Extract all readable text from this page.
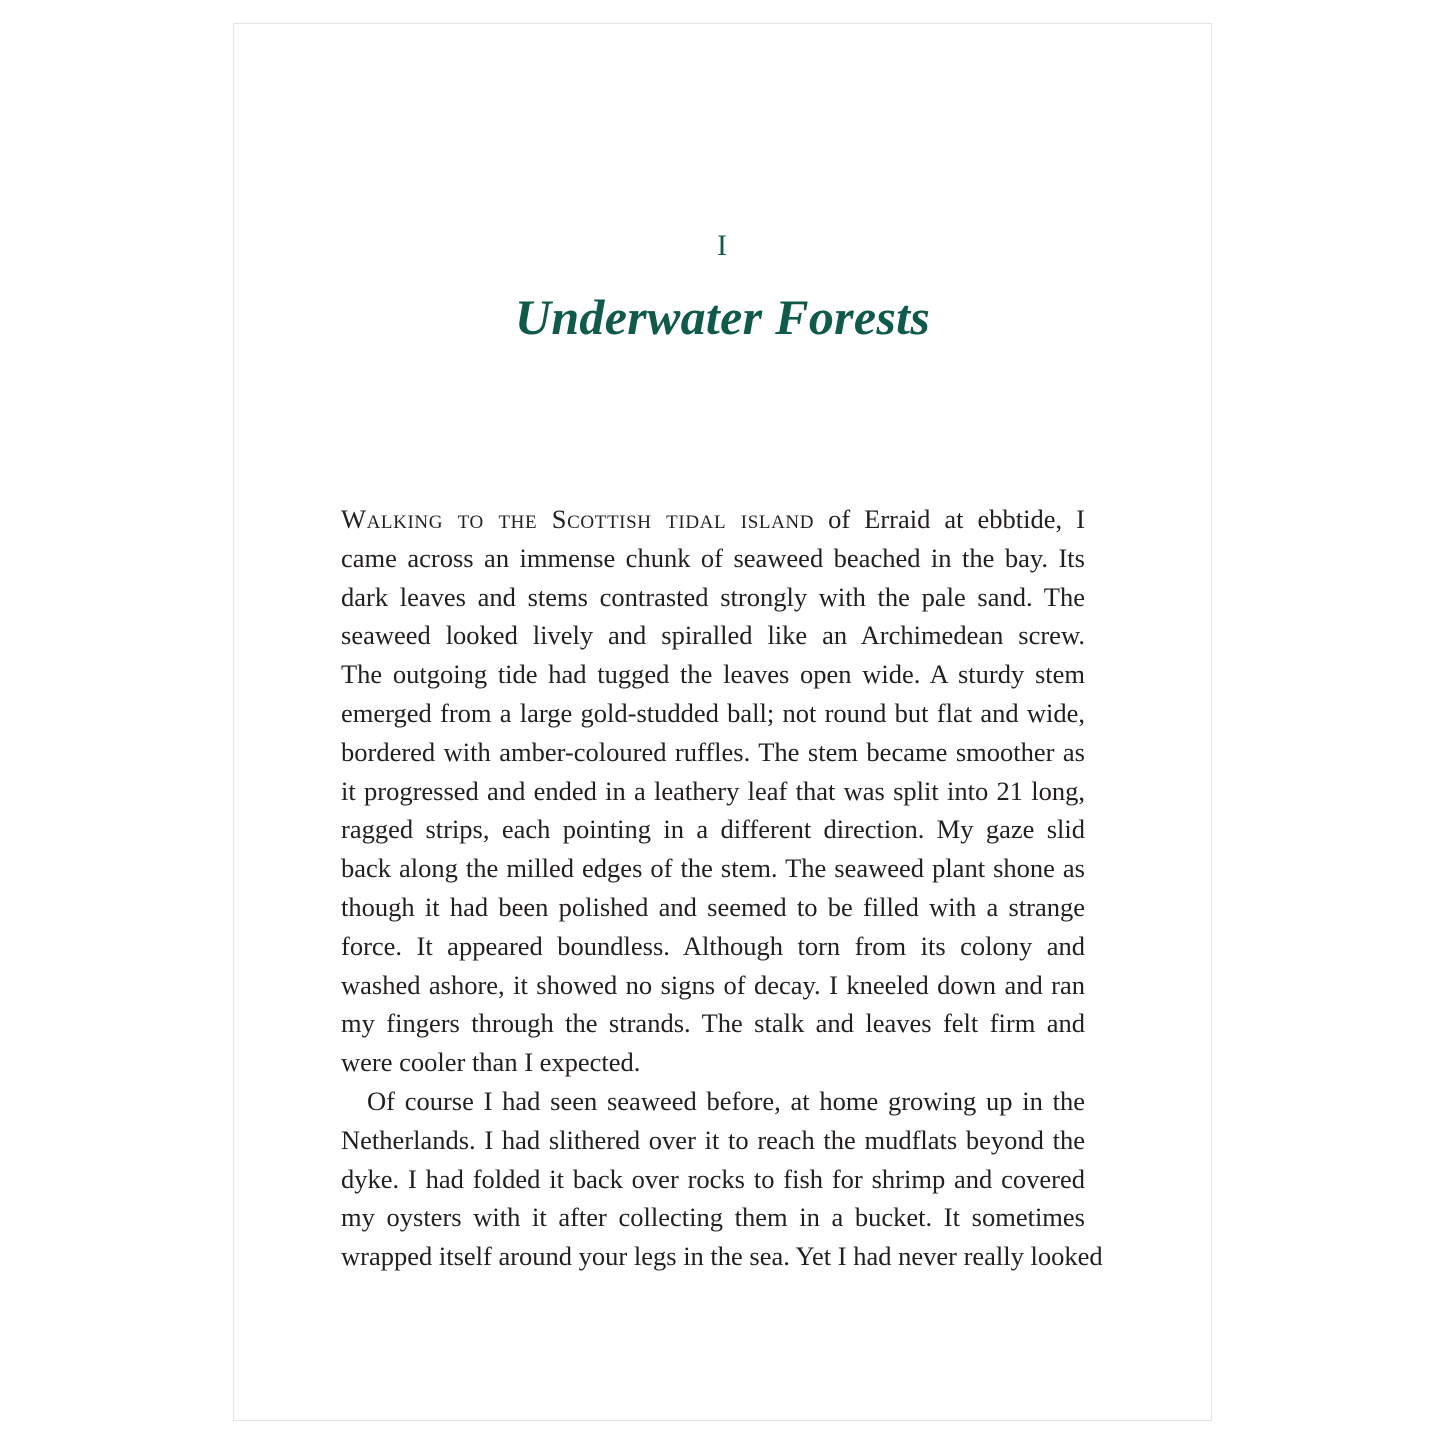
I
Underwater Forests
Walking to the Scottish tidal island of Erraid at ebbtide, I
came across an immense chunk of seaweed beached in the bay. Its
dark leaves and stems contrasted strongly with the pale sand. The
seaweed looked lively and spiralled like an Archimedean screw.
The outgoing tide had tugged the leaves open wide. A sturdy stem
emerged from a large gold-studded ball; not round but flat and wide,
bordered with amber-coloured ruffles. The stem became smoother as
it progressed and ended in a leathery leaf that was split into 21 long,
ragged strips, each pointing in a different direction. My gaze slid
back along the milled edges of the stem. The seaweed plant shone as
though it had been polished and seemed to be filled with a strange
force. It appeared boundless. Although torn from its colony and
washed ashore, it showed no signs of decay. I kneeled down and ran
my fingers through the strands. The stalk and leaves felt firm and
were cooler than I expected.
Of course I had seen seaweed before, at home growing up in the
Netherlands. I had slithered over it to reach the mudflats beyond the
dyke. I had folded it back over rocks to fish for shrimp and covered
my oysters with it after collecting them in a bucket. It sometimes
wrapped itself around your legs in the sea. Yet I had never really looked
